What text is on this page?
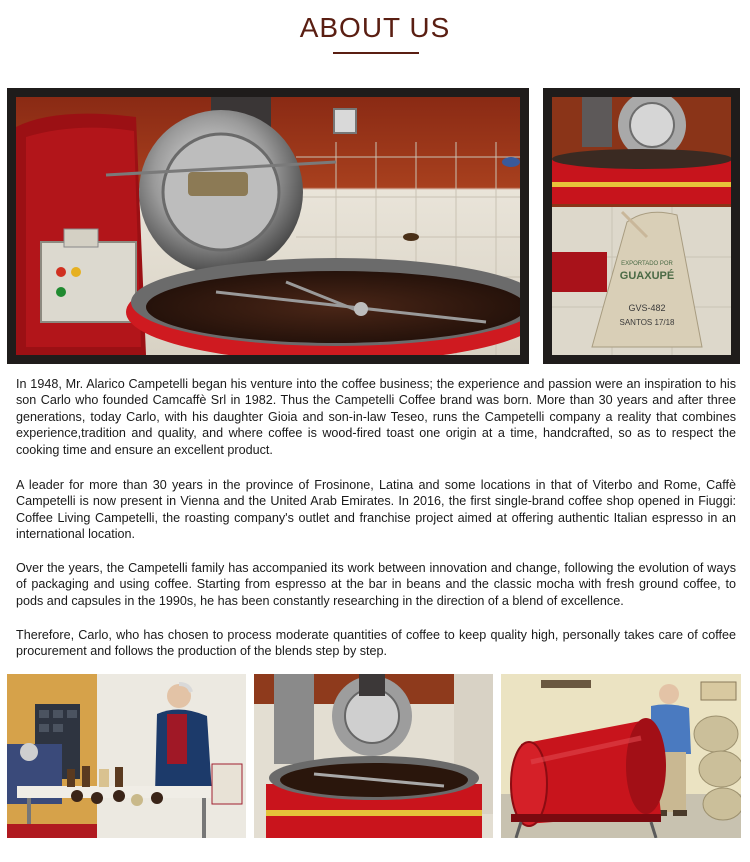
ABOUT US
EXPORTADO POR
GUAXUPÉ
GVS-482
SANTOS 17/18

In 1948, Mr. Alarico Campetelli began his venture into the coffee business; the experience and passion were an inspiration to his son Carlo who founded Camcaffè Srl in 1982. Thus the Campetelli Coffee brand was born. More than 30 years and after three generations, today Carlo, with his daughter Gioia and son-in-law Teseo, runs the Campetelli company a reality that combines experience,tradition and quality, and where coffee is wood-fired toast one origin at a time, handcrafted, so as to respect the cooking time and ensure an excellent product.

A leader for more than 30 years in the province of Frosinone, Latina and some locations in that of Viterbo and Rome, Caffè Campetelli is now present in Vienna and the United Arab Emirates. In 2016, the first single-brand coffee shop opened in Fiuggi: Coffee Living Campetelli, the roasting company's outlet and franchise project aimed at offering authentic Italian espresso in an international location.

Over the years, the Campetelli family has accompanied its work between innovation and change, following the evolution of ways of packaging and using coffee. Starting from espresso at the bar in beans and the classic mocha with fresh ground coffee, to pods and capsules in the 1990s, he has been constantly researching in the direction of a blend of excellence.

Therefore, Carlo, who has chosen to process moderate quantities of coffee to keep quality high, personally takes care of coffee procurement and follows the production of the blends step by step.
